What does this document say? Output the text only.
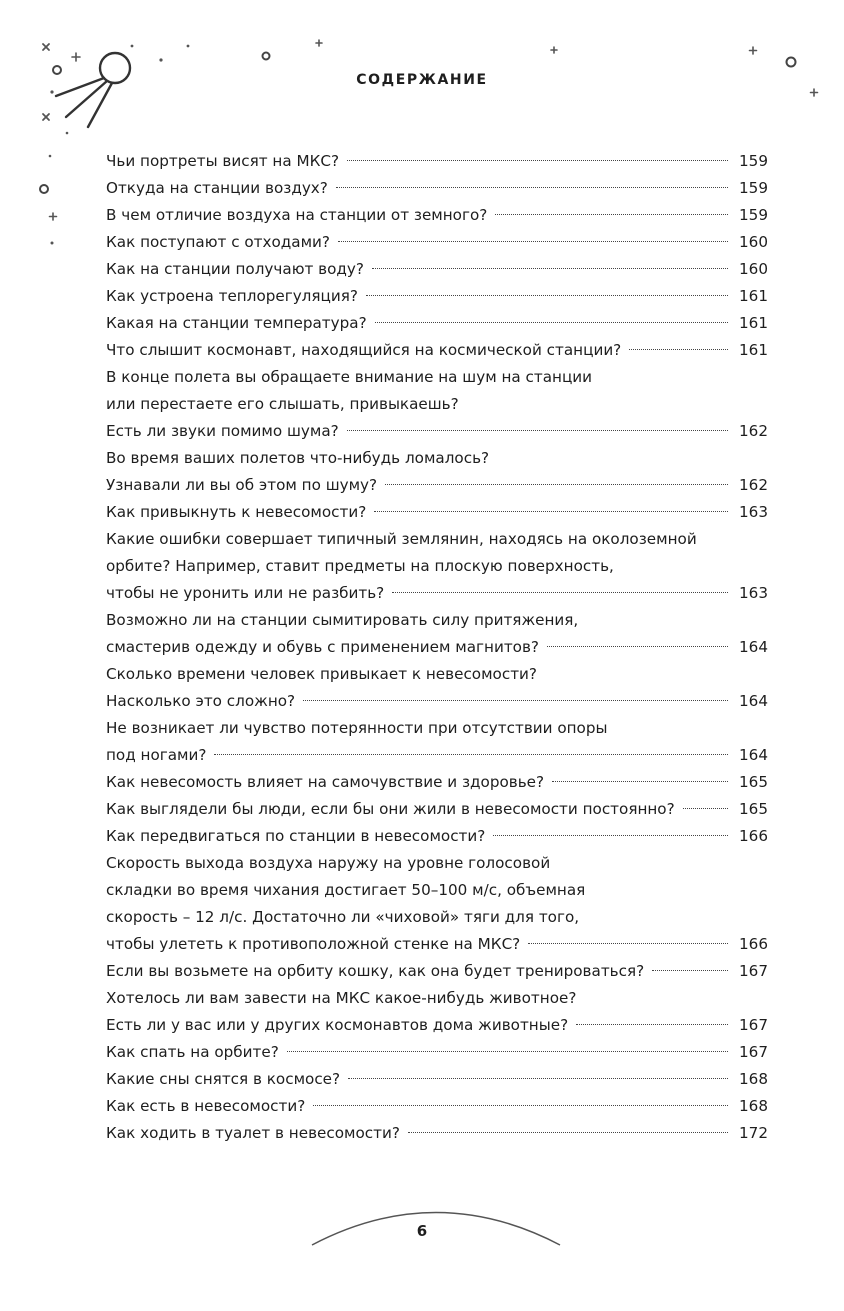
СОДЕРЖАНИЕ
Чьи портреты висят на МКС?	159
Откуда на станции воздух?	159
В чем отличие воздуха на станции от земного?	159
Как поступают с отходами?	160
Как на станции получают воду?	160
Как устроена теплорегуляция?	161
Какая на станции температура?	161
Что слышит космонавт, находящийся на космической станции?	161
В конце полета вы обращаете внимание на шум на станции
или перестаете его слышать, привыкаешь?
Есть ли звуки помимо шума?	162
Во время ваших полетов что-нибудь ломалось?
Узнавали ли вы об этом по шуму?	162
Как привыкнуть к невесомости?	163
Какие ошибки совершает типичный землянин, находясь на околоземной
орбите? Например, ставит предметы на плоскую поверхность,
чтобы не уронить или не разбить?	163
Возможно ли на станции сымитировать силу притяжения,
смастерив одежду и обувь с применением магнитов?	164
Сколько времени человек привыкает к невесомости?
Насколько это сложно?	164
Не возникает ли чувство потерянности при отсутствии опоры
под ногами?	164
Как невесомость влияет на самочувствие и здоровье?	165
Как выглядели бы люди, если бы они жили в невесомости постоянно?	165
Как передвигаться по станции в невесомости?	166
Скорость выхода воздуха наружу на уровне голосовой
складки во время чихания достигает 50–100 м/с, объемная
скорость – 12 л/с. Достаточно ли «чиховой» тяги для того,
чтобы улететь к противоположной стенке на МКС?	166
Если вы возьмете на орбиту кошку, как она будет тренироваться?	167
Хотелось ли вам завести на МКС какое-нибудь животное?
Есть ли у вас или у других космонавтов дома животные?	167
Как спать на орбите?	167
Какие сны снятся в космосе?	168
Как есть в невесомости?	168
Как ходить в туалет в невесомости?	172
6
